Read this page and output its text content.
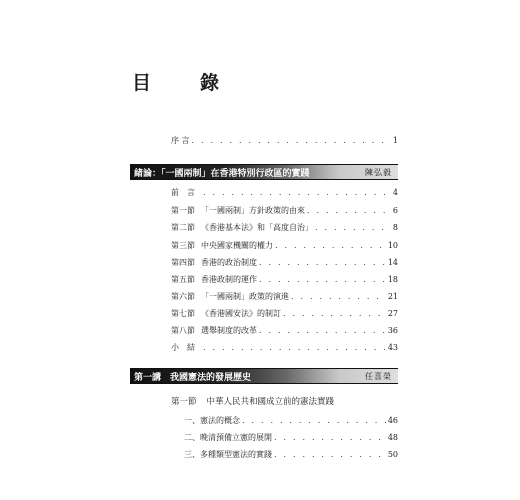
目　錄
序 言 . . .	1
緒論：「一國兩制」在香港特別行政區的實踐	陳弘毅
前　言 . . .	4
第一節 「一國兩制」方針政策的由來 . . .	6
第二節 《香港基本法》和「高度自治」 . . .	8
第三節 中央國家機關的權力 . . .	10
第四節 香港的政治制度 . . .	14
第五節 香港政制的運作 . . .	18
第六節 「一國兩制」政策的演進 . . .	21
第七節 《香港國安法》的制訂 . . .	27
第八節 選舉制度的改革 . . .	36
小　結 . . .	43
第一講　我國憲法的發展歷史	任喜榮
第一節 中華人民共和國成立前的憲法實踐
一、憲法的概念 . . .	46
二、晚清預備立憲的展開 . . .	48
三、多種類型憲法的實踐 . . .	50
